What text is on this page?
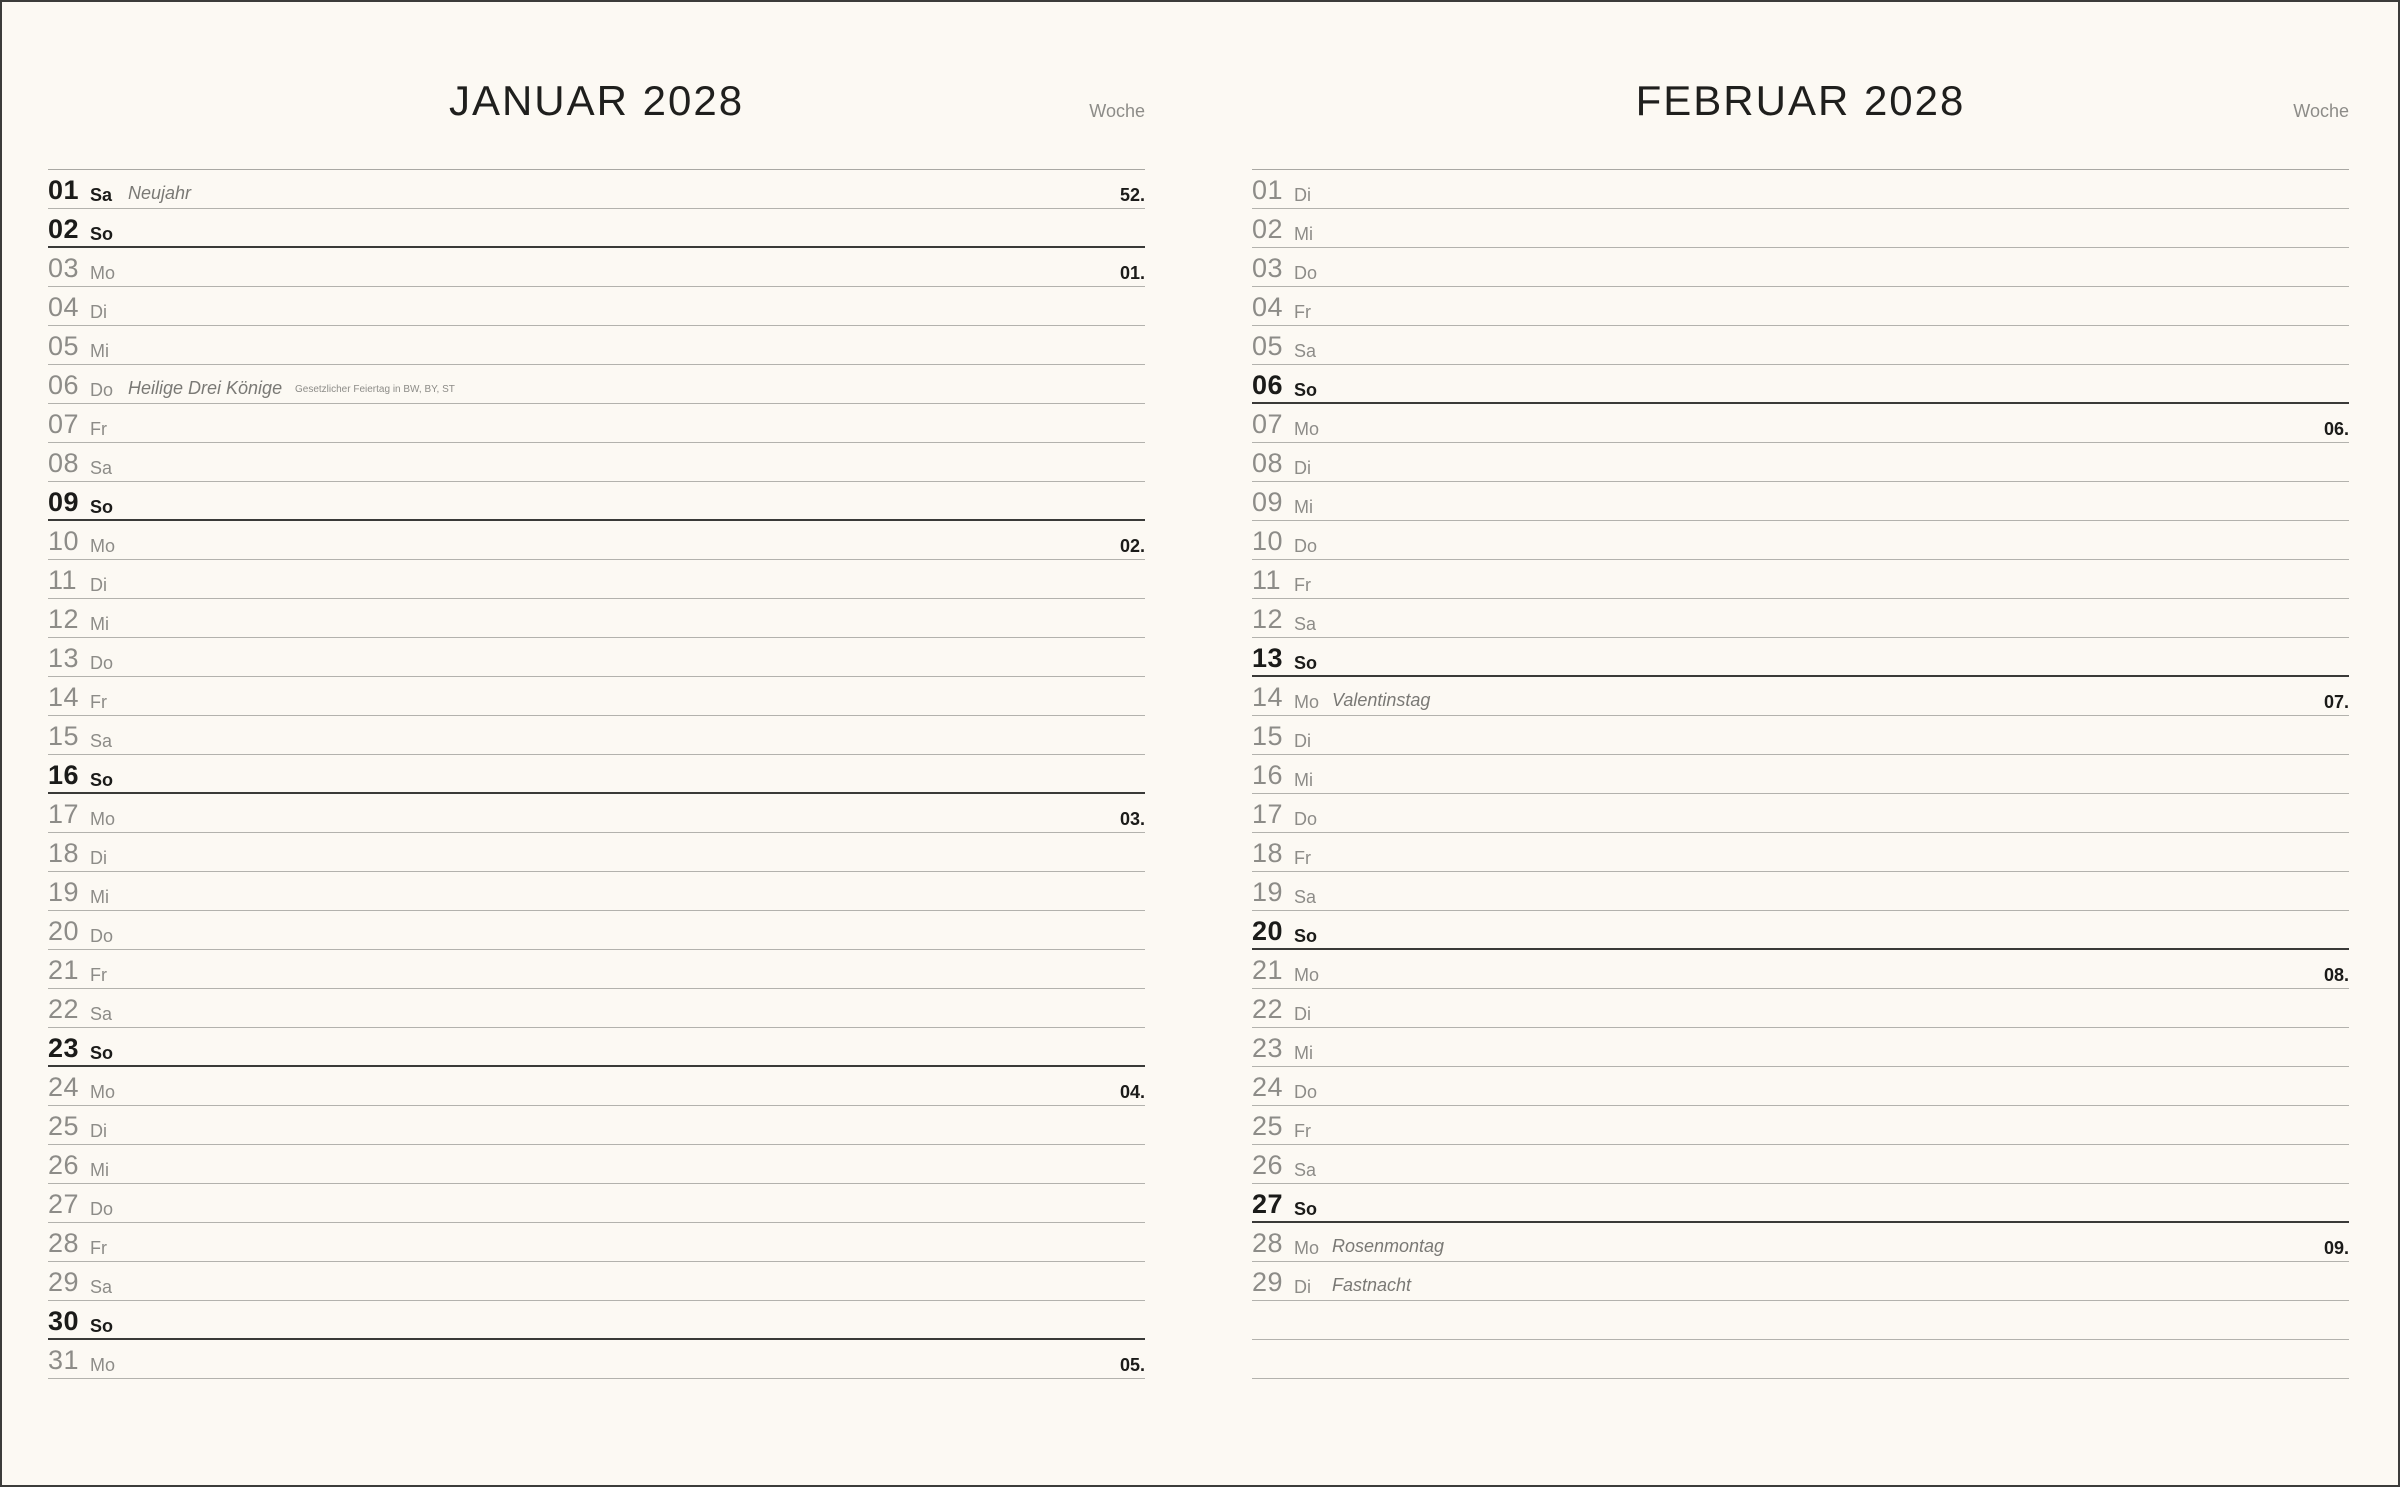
JANUAR 2028	Woche
01 Sa Neujahr	52.
02 So
03 Mo	01.
04 Di
05 Mi
06 Do Heilige Drei Könige Gesetzlicher Feiertag in BW, BY, ST
07 Fr
08 Sa
09 So
10 Mo	02.
11 Di
12 Mi
13 Do
14 Fr
15 Sa
16 So
17 Mo	03.
18 Di
19 Mi
20 Do
21 Fr
22 Sa
23 So
24 Mo	04.
25 Di
26 Mi
27 Do
28 Fr
29 Sa
30 So
31 Mo	05.
FEBRUAR 2028	Woche
01 Di
02 Mi
03 Do
04 Fr
05 Sa
06 So
07 Mo	06.
08 Di
09 Mi
10 Do
11 Fr
12 Sa
13 So
14 Mo Valentinstag	07.
15 Di
16 Mi
17 Do
18 Fr
19 Sa
20 So
21 Mo	08.
22 Di
23 Mi
24 Do
25 Fr
26 Sa
27 So
28 Mo Rosenmontag	09.
29 Di Fastnacht
